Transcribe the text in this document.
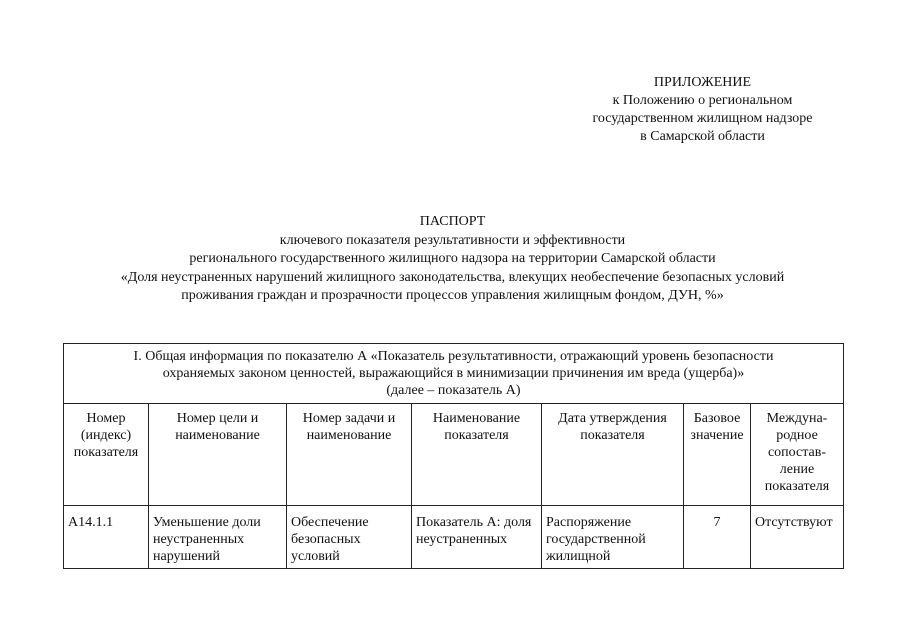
ПРИЛОЖЕНИЕ
к Положению о региональном
государственном жилищном надзоре
в Самарской области
ПАСПОРТ
ключевого показателя результативности и эффективности
регионального государственного жилищного надзора на территории Самарской области
«Доля неустраненных нарушений жилищного законодательства, влекущих необеспечение безопасных условий
проживания граждан и прозрачности процессов управления жилищным фондом, ДУН, %»
I. Общая информация по показателю А «Показатель результативности, отражающий уровень безопасности
охраняемых законом ценностей, выражающийся в минимизации причинения им вреда (ущерба)»
(далее – показатель А)						

Номер (индекс) показателя	Номер цели и наименование	Номер задачи и наименование	Наименование показателя	Дата утверждения показателя	Базовое значение	Междуна-родное сопостав-ление показателя
А14.1.1	Уменьшение доли неустраненных нарушений	Обеспечение безопасных условий	Показатель А: доля неустраненных	Распоряжение государственной жилищной	7	Отсутствуют
